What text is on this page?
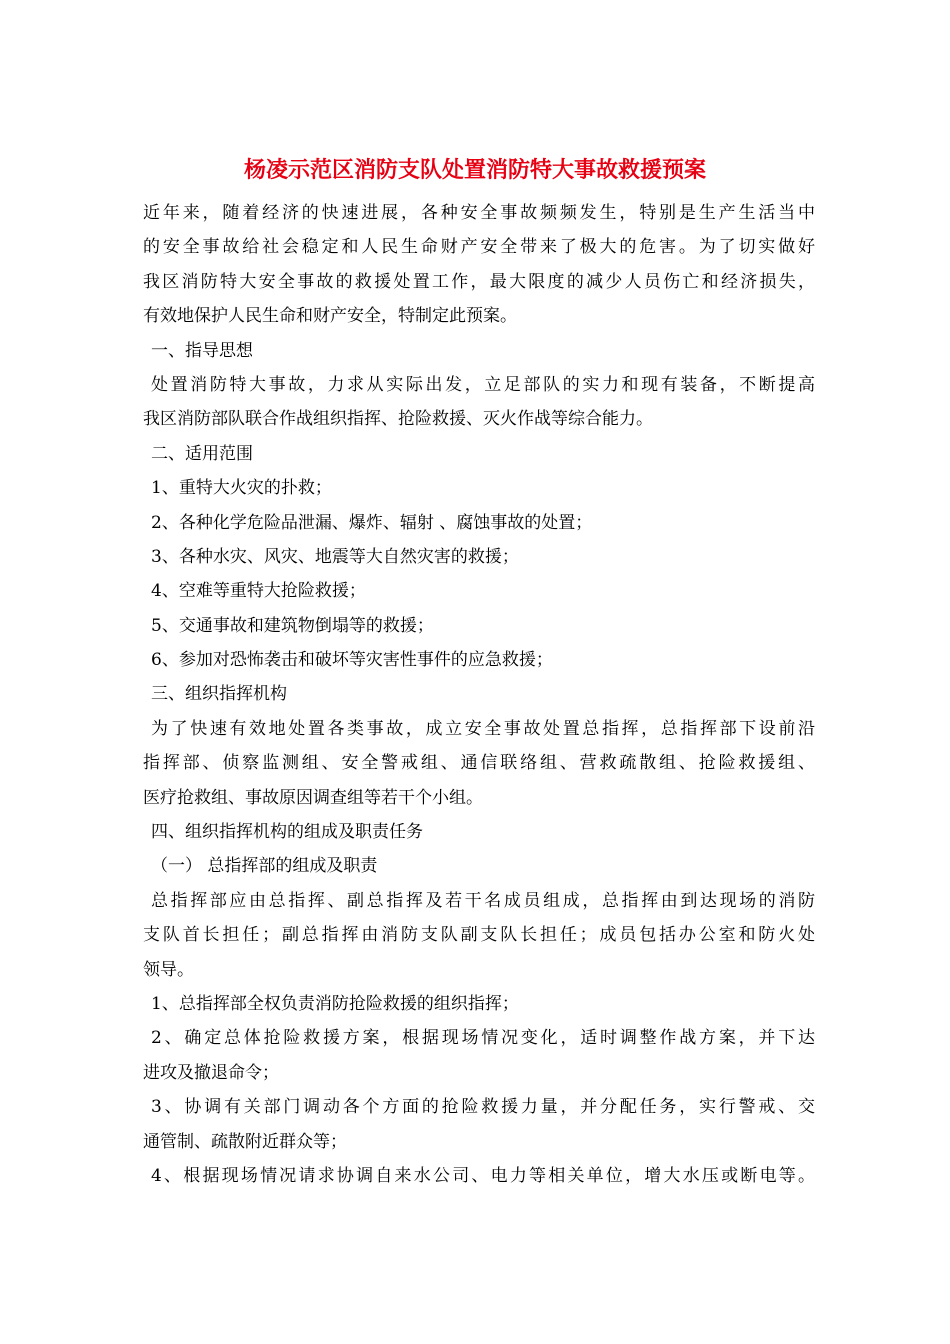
杨凌示范区消防支队处置消防特大事故救援预案
近年来，随着经济的快速进展，各种安全事故频频发生，特别是生产生活当中
的安全事故给社会稳定和人民生命财产安全带来了极大的危害。为了切实做好
我区消防特大安全事故的救援处置工作，最大限度的减少人员伤亡和经济损失，
有效地保护人民生命和财产安全，特制定此预案。
一、指导思想
处置消防特大事故，力求从实际出发，立足部队的实力和现有装备，不断提高
我区消防部队联合作战组织指挥、抢险救援、灭火作战等综合能力。
二、适用范围
1、重特大火灾的扑救；
2、各种化学危险品泄漏、爆炸、辐射 、腐蚀事故的处置；
3、各种水灾、风灾、地震等大自然灾害的救援；
4、空难等重特大抢险救援；
5、交通事故和建筑物倒塌等的救援；
6、参加对恐怖袭击和破坏等灾害性事件的应急救援；
三、组织指挥机构
为了快速有效地处置各类事故，成立安全事故处置总指挥，总指挥部下设前沿
指挥部、侦察监测组、安全警戒组、通信联络组、营救疏散组、抢险救援组、
医疗抢救组、事故原因调查组等若干个小组。
四、组织指挥机构的组成及职责任务
（一） 总指挥部的组成及职责
总指挥部应由总指挥、副总指挥及若干名成员组成，总指挥由到达现场的消防
支队首长担任；副总指挥由消防支队副支队长担任；成员包括办公室和防火处
领导。
1、总指挥部全权负责消防抢险救援的组织指挥；
2、确定总体抢险救援方案，根据现场情况变化，适时调整作战方案，并下达
进攻及撤退命令；
3、协调有关部门调动各个方面的抢险救援力量，并分配任务，实行警戒、交
通管制、疏散附近群众等；
4、根据现场情况请求协调自来水公司、电力等相关单位，增大水压或断电等。
